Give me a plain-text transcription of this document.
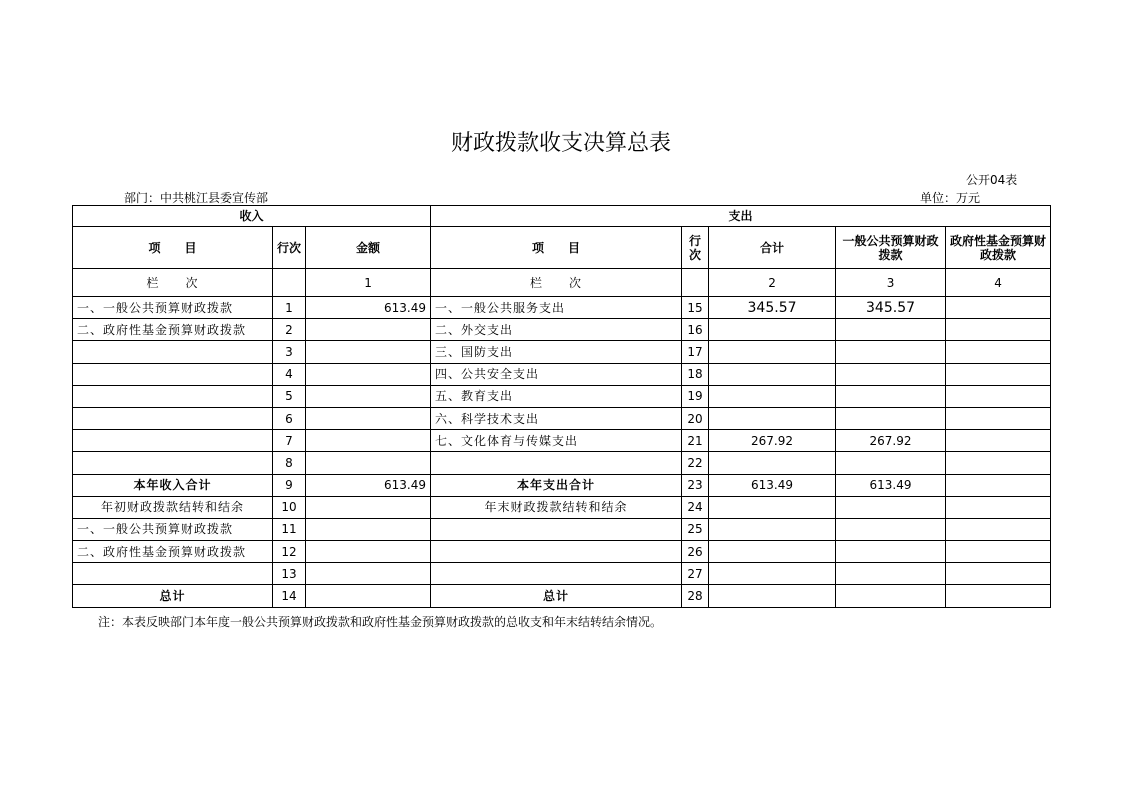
财政拨款收支决算总表
公开04表
部门：中共桃江县委宣传部	单位：万元
收入			支出				
项　　目	行次	金额	项　　目	行次	合计	一般公共预算财政拨款	政府性基金预算财政拨款
栏　　次		1	栏　　次		2	3	4
一、一般公共预算财政拨款	1	613.49	一、一般公共服务支出	15	345.57	345.57	
二、政府性基金预算财政拨款	2		二、外交支出	16			
	3		三、国防支出	17			
	4		四、公共安全支出	18			
	5		五、教育支出	19			
	6		六、科学技术支出	20			
	7		七、文化体育与传媒支出	21	267.92	267.92	
	8			22			
本年收入合计	9	613.49	本年支出合计	23	613.49	613.49	
年初财政拨款结转和结余	10		年末财政拨款结转和结余	24			
一、一般公共预算财政拨款	11			25			
二、政府性基金预算财政拨款	12			26			
	13			27			
总计	14		总计	28			
注：本表反映部门本年度一般公共预算财政拨款和政府性基金预算财政拨款的总收支和年末结转结余情况。
